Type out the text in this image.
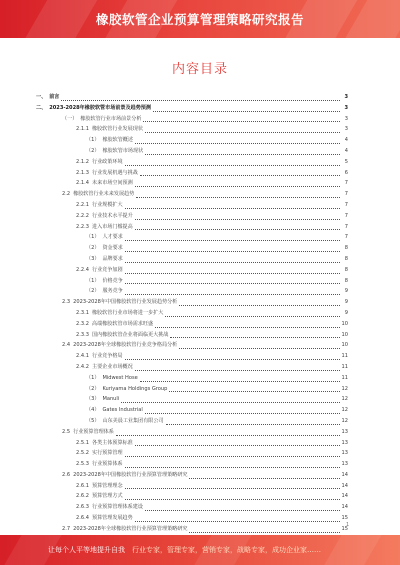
橡胶软管企业预算管理策略研究报告
内容目录
一、 前言	3
二、 2023-2028年橡胶软管市场前景及趋势预测	3
（一） 橡胶软管行业市场前景分析	3
2.1.1 橡胶软管行业发展现状	3
（1） 橡胶软管概述	4
（2） 橡胶软管市场现状	4
2.1.2 行业政策环境	5
2.1.3 行业发展机遇与挑战	6
2.1.4 未来市场空间预测	7
2.2 橡胶软管行业未来发展趋势	7
2.2.1 行业规模扩大	7
2.2.2 行业技术水平提升	7
2.2.3 进入市场门槛提高	7
（1） 人才要求	7
（2） 资金要求	8
（3） 品牌要求	8
2.2.4 行业竞争加剧	8
（1） 价格竞争	8
（2） 服务竞争	9
2.3 2023-2028年中国橡胶软管行业发展趋势分析	9
2.3.1 橡胶软管行业市场将进一步扩大	9
2.3.2 高端橡胶软管市场需求旺盛	10
2.3.3 国内橡胶软管企业将面临更大挑战	10
2.4 2023-2028年全球橡胶软管行业竞争格局分析	10
2.4.1 行业竞争格局	11
2.4.2 主要企业市场概况	11
（1） Midwest Hose	11
（2） Kuriyama Holdings Group	12
（3） Manuli	12
（4） Gates Industrial	12
（5） 山东美晨工业集团有限公司	12
2.5 行业预算管理体系	13
2.5.1 各类主体预算标准	13
2.5.2 实行预算管理	13
2.5.3 行业预算体系	13
2.6 2023-2028年中国橡胶软管行业预算管理策略研究	14
2.6.1 预算管理理念	14
2.6.2 预算管理方式	14
2.6.3 行业预算管理体系建设	14
2.6.4 预算管理发展趋势	15
2.7 2023-2028年全球橡胶软管行业预算管理策略研究	15
1
让每个人平等地提升自我 行业专家，管理专家，营销专家，战略专家，成功企业家……
